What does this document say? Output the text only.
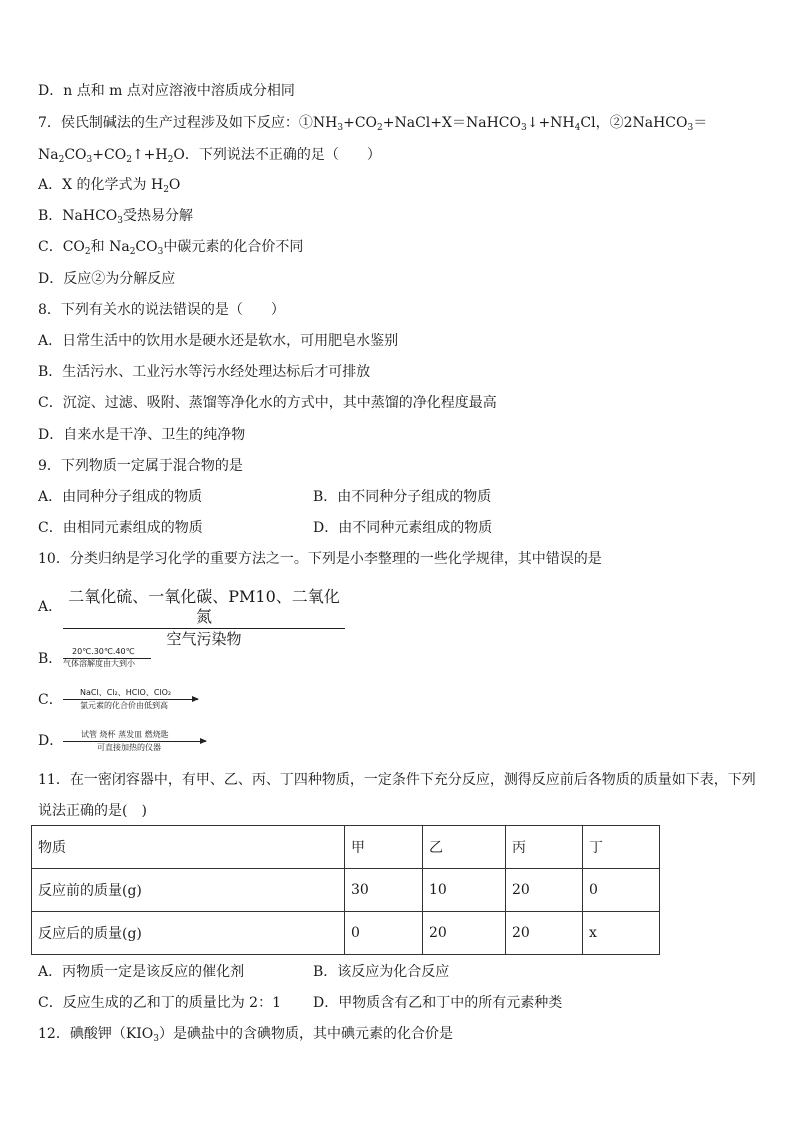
D．n 点和 m 点对应溶液中溶质成分相同
7．侯氏制碱法的生产过程涉及如下反应：$①NH_3+CO_2+NaCl+X=NaHCO_3↓+NH_4Cl$，②2NaHCO$_3$＝
$Na_2CO_3+CO_2↑+H_2O$．下列说法不正确的足（　　）
A．X 的化学式为 $H_2O$
B．NaHCO$_3$受热易分解
C．$CO_2$和 $Na_2CO_3$中碳元素的化合价不同
D．反应②为分解反应
8．下列有关水的说法错误的是（　　）
A．日常生活中的饮用水是硬水还是软水，可用肥皂水鉴别
B．生活污水、工业污水等污水经处理达标后才可排放
C．沉淀、过滤、吸附、蒸馏等净化水的方式中，其中蒸馏的净化程度最高
D．自来水是干净、卫生的纯净物
9．下列物质一定属于混合物的是
A．由同种分子组成的物质	B．由不同种分子组成的物质
C．由相同元素组成的物质	D．由不同种元素组成的物质
10．分类归纳是学习化学的重要方法之一。下列是小李整理的一些化学规律，其中错误的是
A．
二氧化硫、一氧化碳、PM10、二氧化氮
空气污染物
B． 20℃.30℃.40℃
气体溶解度由大到小
C． NaCl、Cl₂、HClO、ClO₂
氯元素的化合价由低到高
D． 试管 烧杯 蒸发皿 燃烧匙
可直接加热的仪器
11．在一密闭容器中，有甲、乙、丙、丁四种物质，一定条件下充分反应，测得反应前后各物质的质量如下表，下列
说法正确的是(　)
物质	甲	乙	丙	丁
反应前的质量(g)	30	10	20	0
反应后的质量(g)	0	20	20	x
A．丙物质一定是该反应的催化剂	B．该反应为化合反应
C．反应生成的乙和丁的质量比为 2：1 D．甲物质含有乙和丁中的所有元素种类
12．碘酸钾$(KIO_3)$是碘盐中的含碘物质，其中碘元素的化合价是
